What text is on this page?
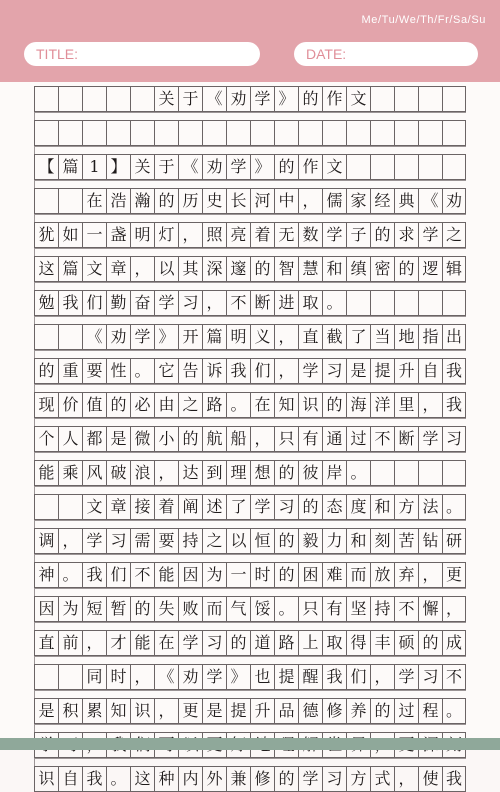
Me/Tu/We/Th/Fr/Sa/Su
TITLE:	DATE:
关 于 《 劝 学 》 的 作 文
【 篇 1 】 关 于 《 劝 学 》 的 作 文
在 浩 瀚 的 历 史 长 河 中 ， 儒 家 经 典 《 劝
犹 如 一 盏 明 灯 ， 照 亮 着 无 数 学 子 的 求 学 之
这 篇 文 章 ， 以 其 深 邃 的 智 慧 和 缜 密 的 逻 辑
勉 我 们 勤 奋 学 习 ， 不 断 进 取 。
《 劝 学 》 开 篇 明 义 ， 直 截 了 当 地 指 出
的 重 要 性 。 它 告 诉 我 们 ， 学 习 是 提 升 自 我
现 价 值 的 必 由 之 路 。 在 知 识 的 海 洋 里 ， 我
个 人 都 是 微 小 的 航 船 ， 只 有 通 过 不 断 学 习
能 乘 风 破 浪 ， 达 到 理 想 的 彼 岸 。
文 章 接 着 阐 述 了 学 习 的 态 度 和 方 法 。
调 ， 学 习 需 要 持 之 以 恒 的 毅 力 和 刻 苦 钻 研
神 。 我 们 不 能 因 为 一 时 的 困 难 而 放 弃 ， 更
因 为 短 暂 的 失 败 而 气 馁 。 只 有 坚 持 不 懈 ，
直 前 ， 才 能 在 学 习 的 道 路 上 取 得 丰 硕 的 成
同 时 ， 《 劝 学 》 也 提 醒 我 们 ， 学 习 不
是 积 累 知 识 ， 更 是 提 升 品 德 修 养 的 过 程 。
识 自 我 。 这 种 内 外 兼 修 的 学 习 方 式 ， 使 我
